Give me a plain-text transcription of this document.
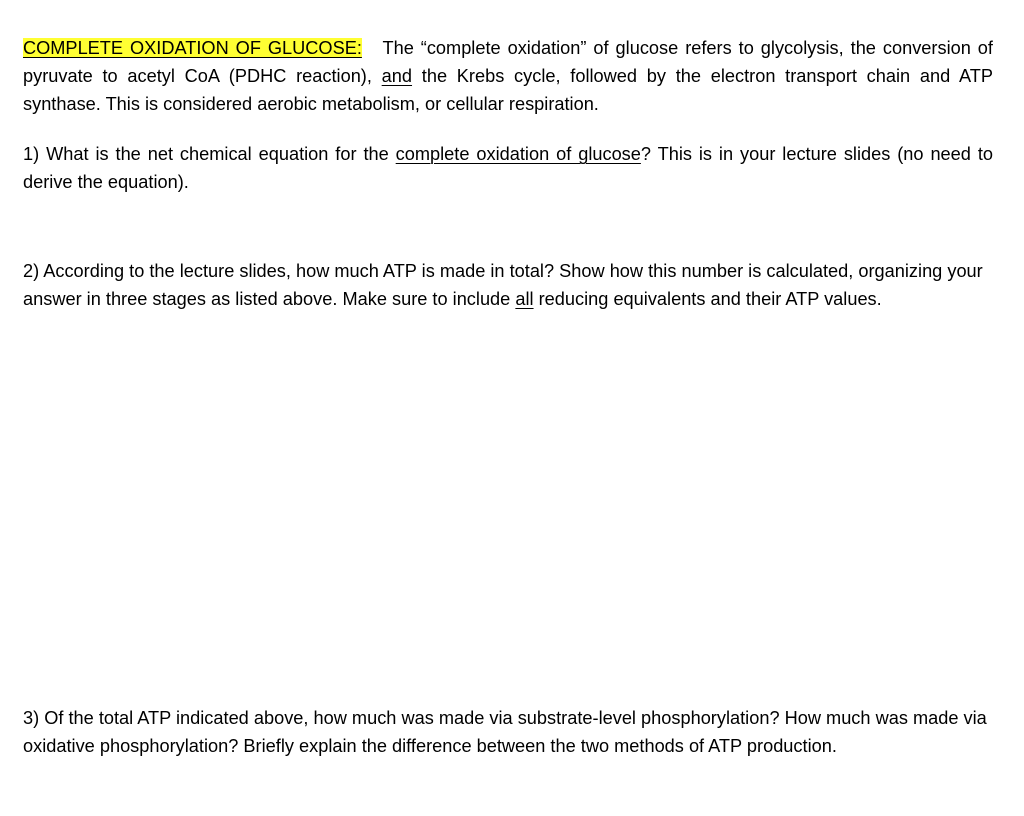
COMPLETE OXIDATION OF GLUCOSE: The “complete oxidation” of glucose refers to glycolysis, the conversion of pyruvate to acetyl CoA (PDHC reaction), and the Krebs cycle, followed by the electron transport chain and ATP synthase. This is considered aerobic metabolism, or cellular respiration.
1) What is the net chemical equation for the complete oxidation of glucose? This is in your lecture slides (no need to derive the equation).
2) According to the lecture slides, how much ATP is made in total? Show how this number is calculated, organizing your answer in three stages as listed above. Make sure to include all reducing equivalents and their ATP values.
3) Of the total ATP indicated above, how much was made via substrate-level phosphorylation? How much was made via oxidative phosphorylation? Briefly explain the difference between the two methods of ATP production.
